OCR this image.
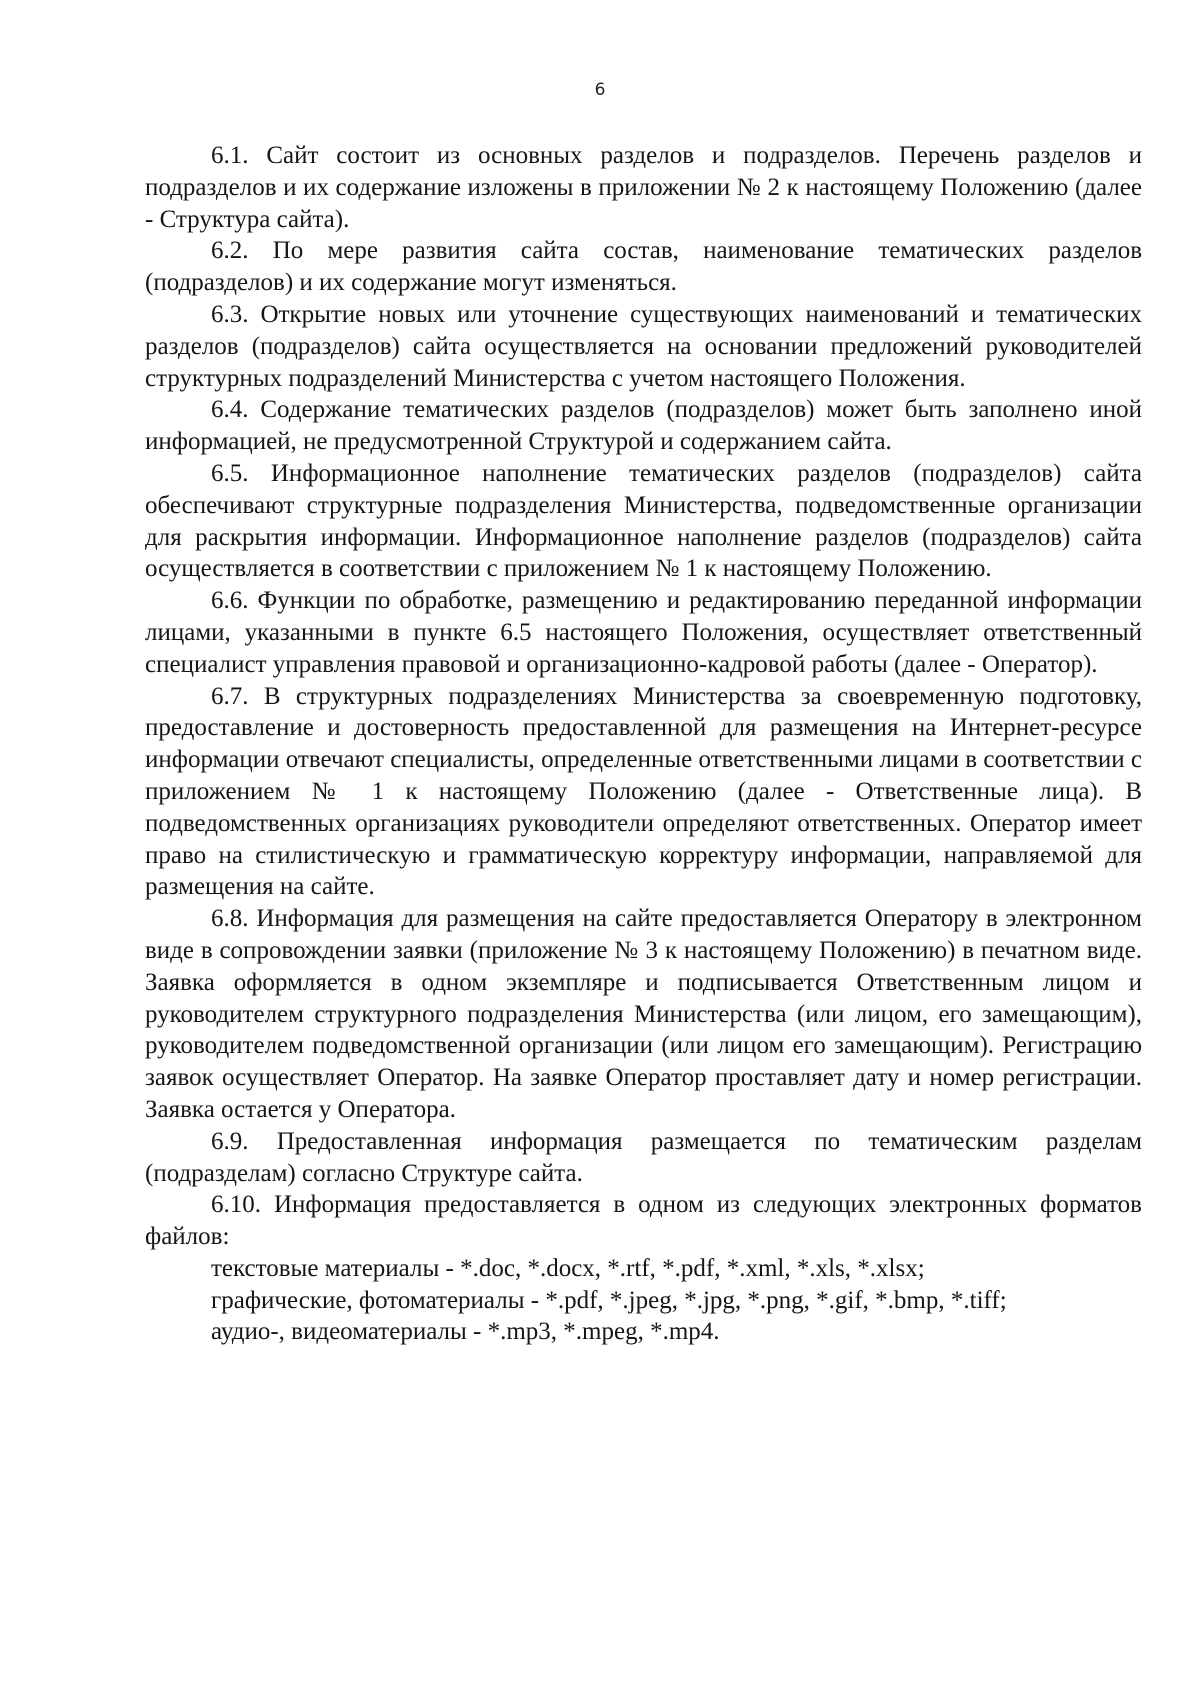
6

6.1. Сайт состоит из основных разделов и подразделов. Перечень разделов и подразделов и их содержание изложены в приложении № 2 к настоящему Положению (далее - Структура сайта).

6.2. По мере развития сайта состав, наименование тематических разделов (подразделов) и их содержание могут изменяться.

6.3. Открытие новых или уточнение существующих наименований и тематических разделов (подразделов) сайта осуществляется на основании предложений руководителей структурных подразделений Министерства с учетом настоящего Положения.

6.4. Содержание тематических разделов (подразделов) может быть заполнено иной информацией, не предусмотренной Структурой и содержанием сайта.

6.5. Информационное наполнение тематических разделов (подразделов) сайта обеспечивают структурные подразделения Министерства, подведомственные организации для раскрытия информации. Информационное наполнение разделов (подразделов) сайта осуществляется в соответствии с приложением № 1 к настоящему Положению.

6.6. Функции по обработке, размещению и редактированию переданной информации лицами, указанными в пункте 6.5 настоящего Положения, осуществляет ответственный специалист управления правовой и организационно-кадровой работы (далее - Оператор).

6.7. В структурных подразделениях Министерства за своевременную подготовку, предоставление и достоверность предоставленной для размещения на Интернет-ресурсе информации отвечают специалисты, определенные ответственными лицами в соответствии с приложением № 1 к настоящему Положению (далее - Ответственные лица). В подведомственных организациях руководители определяют ответственных. Оператор имеет право на стилистическую и грамматическую корректуру информации, направляемой для размещения на сайте.

6.8. Информация для размещения на сайте предоставляется Оператору в электронном виде в сопровождении заявки (приложение № 3 к настоящему Положению) в печатном виде. Заявка оформляется в одном экземпляре и подписывается Ответственным лицом и руководителем структурного подразделения Министерства (или лицом, его замещающим), руководителем подведомственной организации (или лицом его замещающим). Регистрацию заявок осуществляет Оператор. На заявке Оператор проставляет дату и номер регистрации. Заявка остается у Оператора.

6.9. Предоставленная информация размещается по тематическим разделам (подразделам) согласно Структуре сайта.

6.10. Информация предоставляется в одном из следующих электронных форматов файлов:

текстовые материалы - *.doc, *.docx, *.rtf, *.pdf, *.xml, *.xls, *.xlsx;

графические, фотоматериалы - *.pdf, *.jpeg, *.jpg, *.png, *.gif, *.bmp, *.tiff;

аудио-, видеоматериалы - *.mp3, *.mpeg, *.mp4.
